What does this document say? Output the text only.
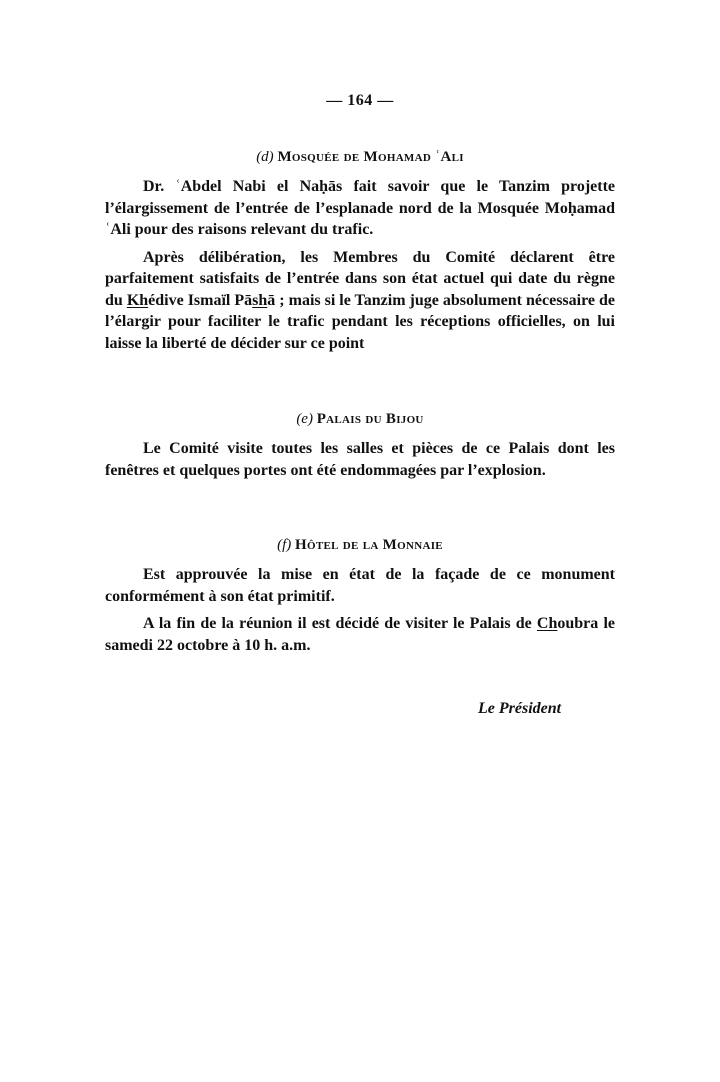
— 164 —
(d) Mosquée de Mohamad ʿAli

Dr. ʿAbdel Nabi el Naḥās fait savoir que le Tanzim projette l’élargissement de l’entrée de l’esplanade nord de la Mosquée Moḥamad ʿAli pour des raisons relevant du trafic.

Après délibération, les Membres du Comité déclarent être parfaitement satisfaits de l’entrée dans son état actuel qui date du règne du Khédive Ismaïl Pāshā ; mais si le Tanzim juge absolument nécessaire de l’élargir pour faciliter le trafic pendant les réceptions officielles, on lui laisse la liberté de décider sur ce point

(e) Palais du Bijou

Le Comité visite toutes les salles et pièces de ce Palais dont les fenêtres et quelques portes ont été endommagées par l’explosion.

(f) Hôtel de la Monnaie

Est approuvée la mise en état de la façade de ce monument conformément à son état primitif.

A la fin de la réunion il est décidé de visiter le Palais de Choubra le samedi 22 octobre à 10 h. a.m.

Le Président
